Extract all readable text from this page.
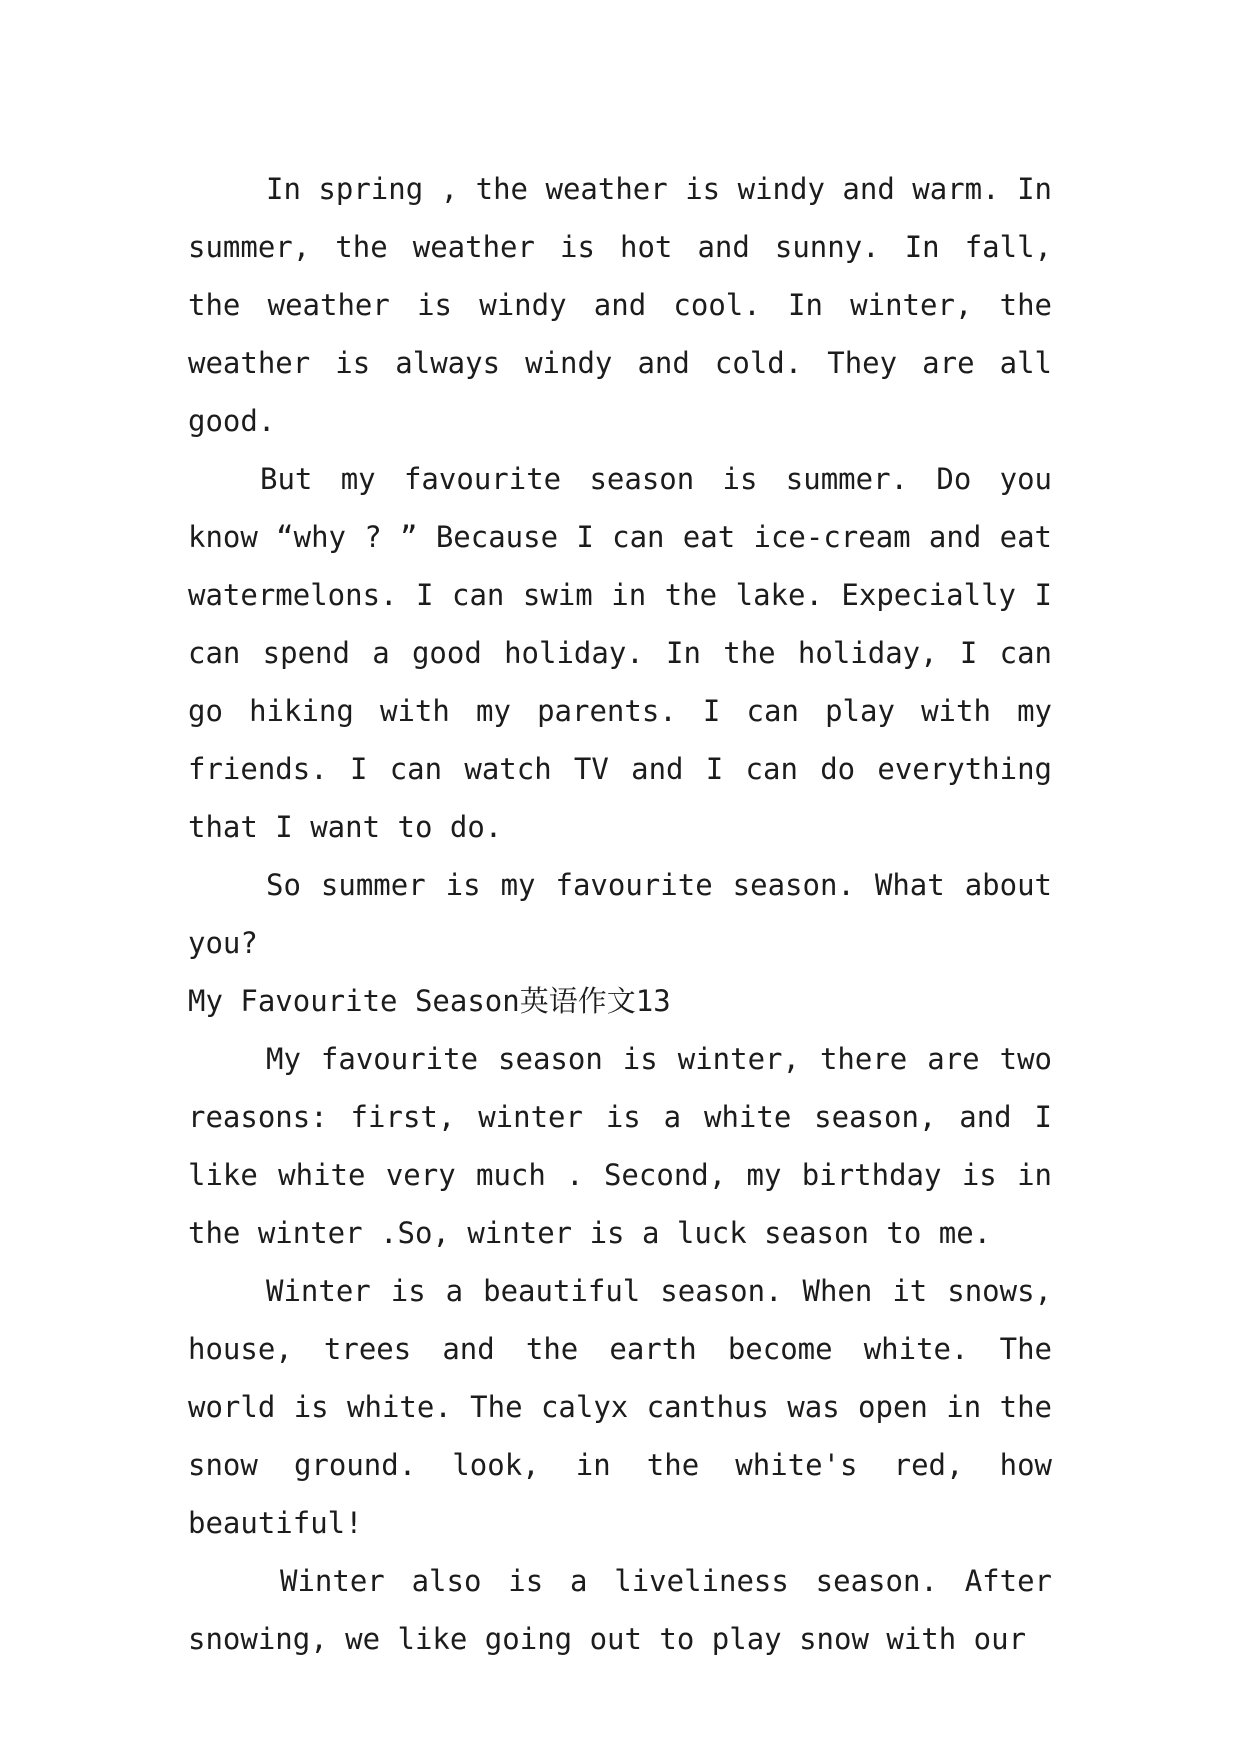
In spring , the weather is windy and warm. In summer, the weather is hot and sunny. In fall, the weather is windy and cool. In winter, the weather is always windy and cold. They are all good.

But my favourite season is summer. Do you know “why ? ” Because I can eat ice-cream and eat watermelons. I can swim in the lake. Expecially I can spend a good holiday. In the holiday, I can go hiking with my parents. I can play with my friends. I can watch TV and I can do everything that I want to do.

So summer is my favourite season. What about you?

My Favourite Season英语作文13

My favourite season is winter, there are two reasons: first, winter is a white season, and I like white very much . Second, my birthday is in the winter .So, winter is a luck season to me.

Winter is a beautiful season. When it snows, house, trees and the earth become white. The world is white. The calyx canthus was open in the snow ground. look, in the white's red, how beautiful!

Winter also is a liveliness season. After snowing, we like going out to play snow with our
